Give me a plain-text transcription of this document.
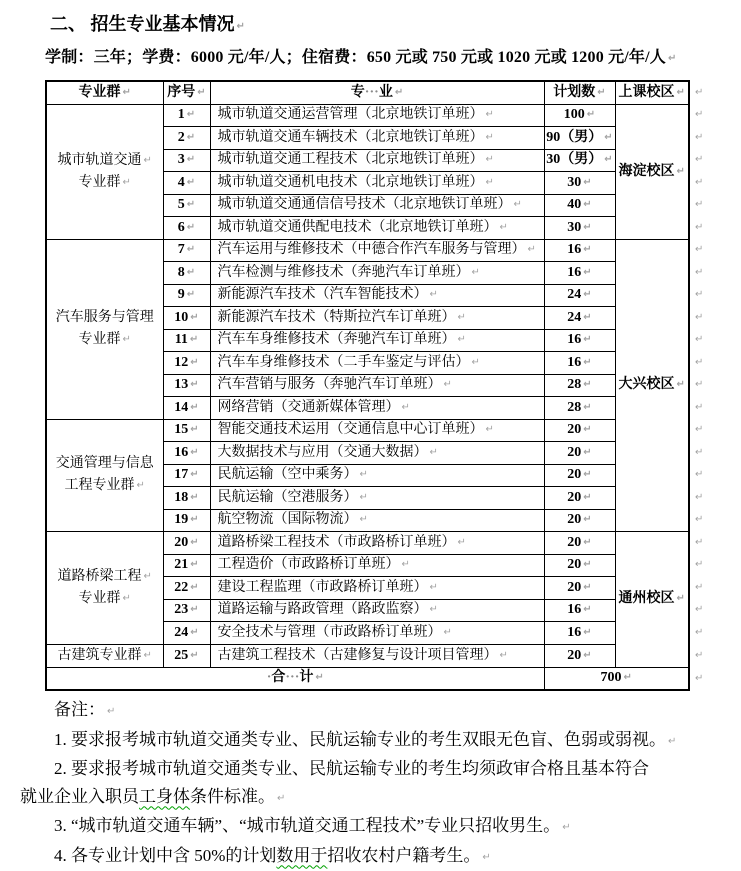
二、 招生专业基本情况 ↵

学制：三年；学费：6000 元/年/人；住宿费：650 元或 750 元或 1020 元或 1200 元/年/人 ↵

专业群 ↵	序号 ↵	专···业 ↵	计划数 ↵	上课校区 ↵	↵
城市轨道交通 ↵
专业群 ↵	1 ↵	城市轨道交通运营管理（北京地铁订单班） ↵	100 ↵	海淀校区 ↵	↵
	2 ↵	城市轨道交通车辆技术（北京地铁订单班） ↵	90（男） ↵		↵
	3 ↵	城市轨道交通工程技术（北京地铁订单班） ↵	30（男） ↵		↵
	4 ↵	城市轨道交通机电技术（北京地铁订单班） ↵	30 ↵		↵
	5 ↵	城市轨道交通通信信号技术（北京地铁订单班） ↵	40 ↵		↵
	6 ↵	城市轨道交通供配电技术（北京地铁订单班） ↵	30 ↵		↵
汽车服务与管理
专业群 ↵	7 ↵	汽车运用与维修技术（中德合作汽车服务与管理） ↵	16 ↵	大兴校区 ↵	↵
	8 ↵	汽车检测与维修技术（奔驰汽车订单班） ↵	16 ↵		↵
	9 ↵	新能源汽车技术（汽车智能技术） ↵	24 ↵		↵
	10 ↵	新能源汽车技术（特斯拉汽车订单班） ↵	24 ↵		↵
	11 ↵	汽车车身维修技术（奔驰汽车订单班） ↵	16 ↵		↵
	12 ↵	汽车车身维修技术（二手车鉴定与评估） ↵	16 ↵		↵
	13 ↵	汽车营销与服务（奔驰汽车订单班） ↵	28 ↵		↵
	14 ↵	网络营销（交通新媒体管理） ↵	28 ↵		↵
交通管理与信息
工程专业群 ↵	15 ↵	智能交通技术运用（交通信息中心订单班） ↵	20 ↵		↵
	16 ↵	大数据技术与应用（交通大数据） ↵	20 ↵		↵
	17 ↵	民航运输（空中乘务） ↵	20 ↵		↵
	18 ↵	民航运输（空港服务） ↵	20 ↵		↵
	19 ↵	航空物流（国际物流） ↵	20 ↵		↵
道路桥梁工程 ↵
专业群 ↵	20 ↵	道路桥梁工程技术（市政路桥订单班） ↵	20 ↵	通州校区 ↵	↵
	21 ↵	工程造价（市政路桥订单班） ↵	20 ↵		↵
	22 ↵	建设工程监理（市政路桥订单班） ↵	20 ↵		↵
	23 ↵	道路运输与路政管理（路政监察） ↵	16 ↵		↵
	24 ↵	安全技术与管理（市政路桥订单班） ↵	16 ↵		↵
古建筑专业群 ↵	25 ↵	古建筑工程技术（古建修复与设计项目管理） ↵	20 ↵		↵
·合···计 ↵			700 ↵		↵
备注： ↵
1. 要求报考城市轨道交通类专业、民航运输专业的考生双眼无色盲、色弱或弱视。 ↵
2. 要求报考城市轨道交通类专业、民航运输专业的考生均须政审合格且基本符合
就业企业入职员工身体条件标准。 ↵
3. “城市轨道交通车辆”、“城市轨道交通工程技术”专业只招收男生。 ↵
4. 各专业计划中含 50%的计划数用于招收农村户籍考生。 ↵
